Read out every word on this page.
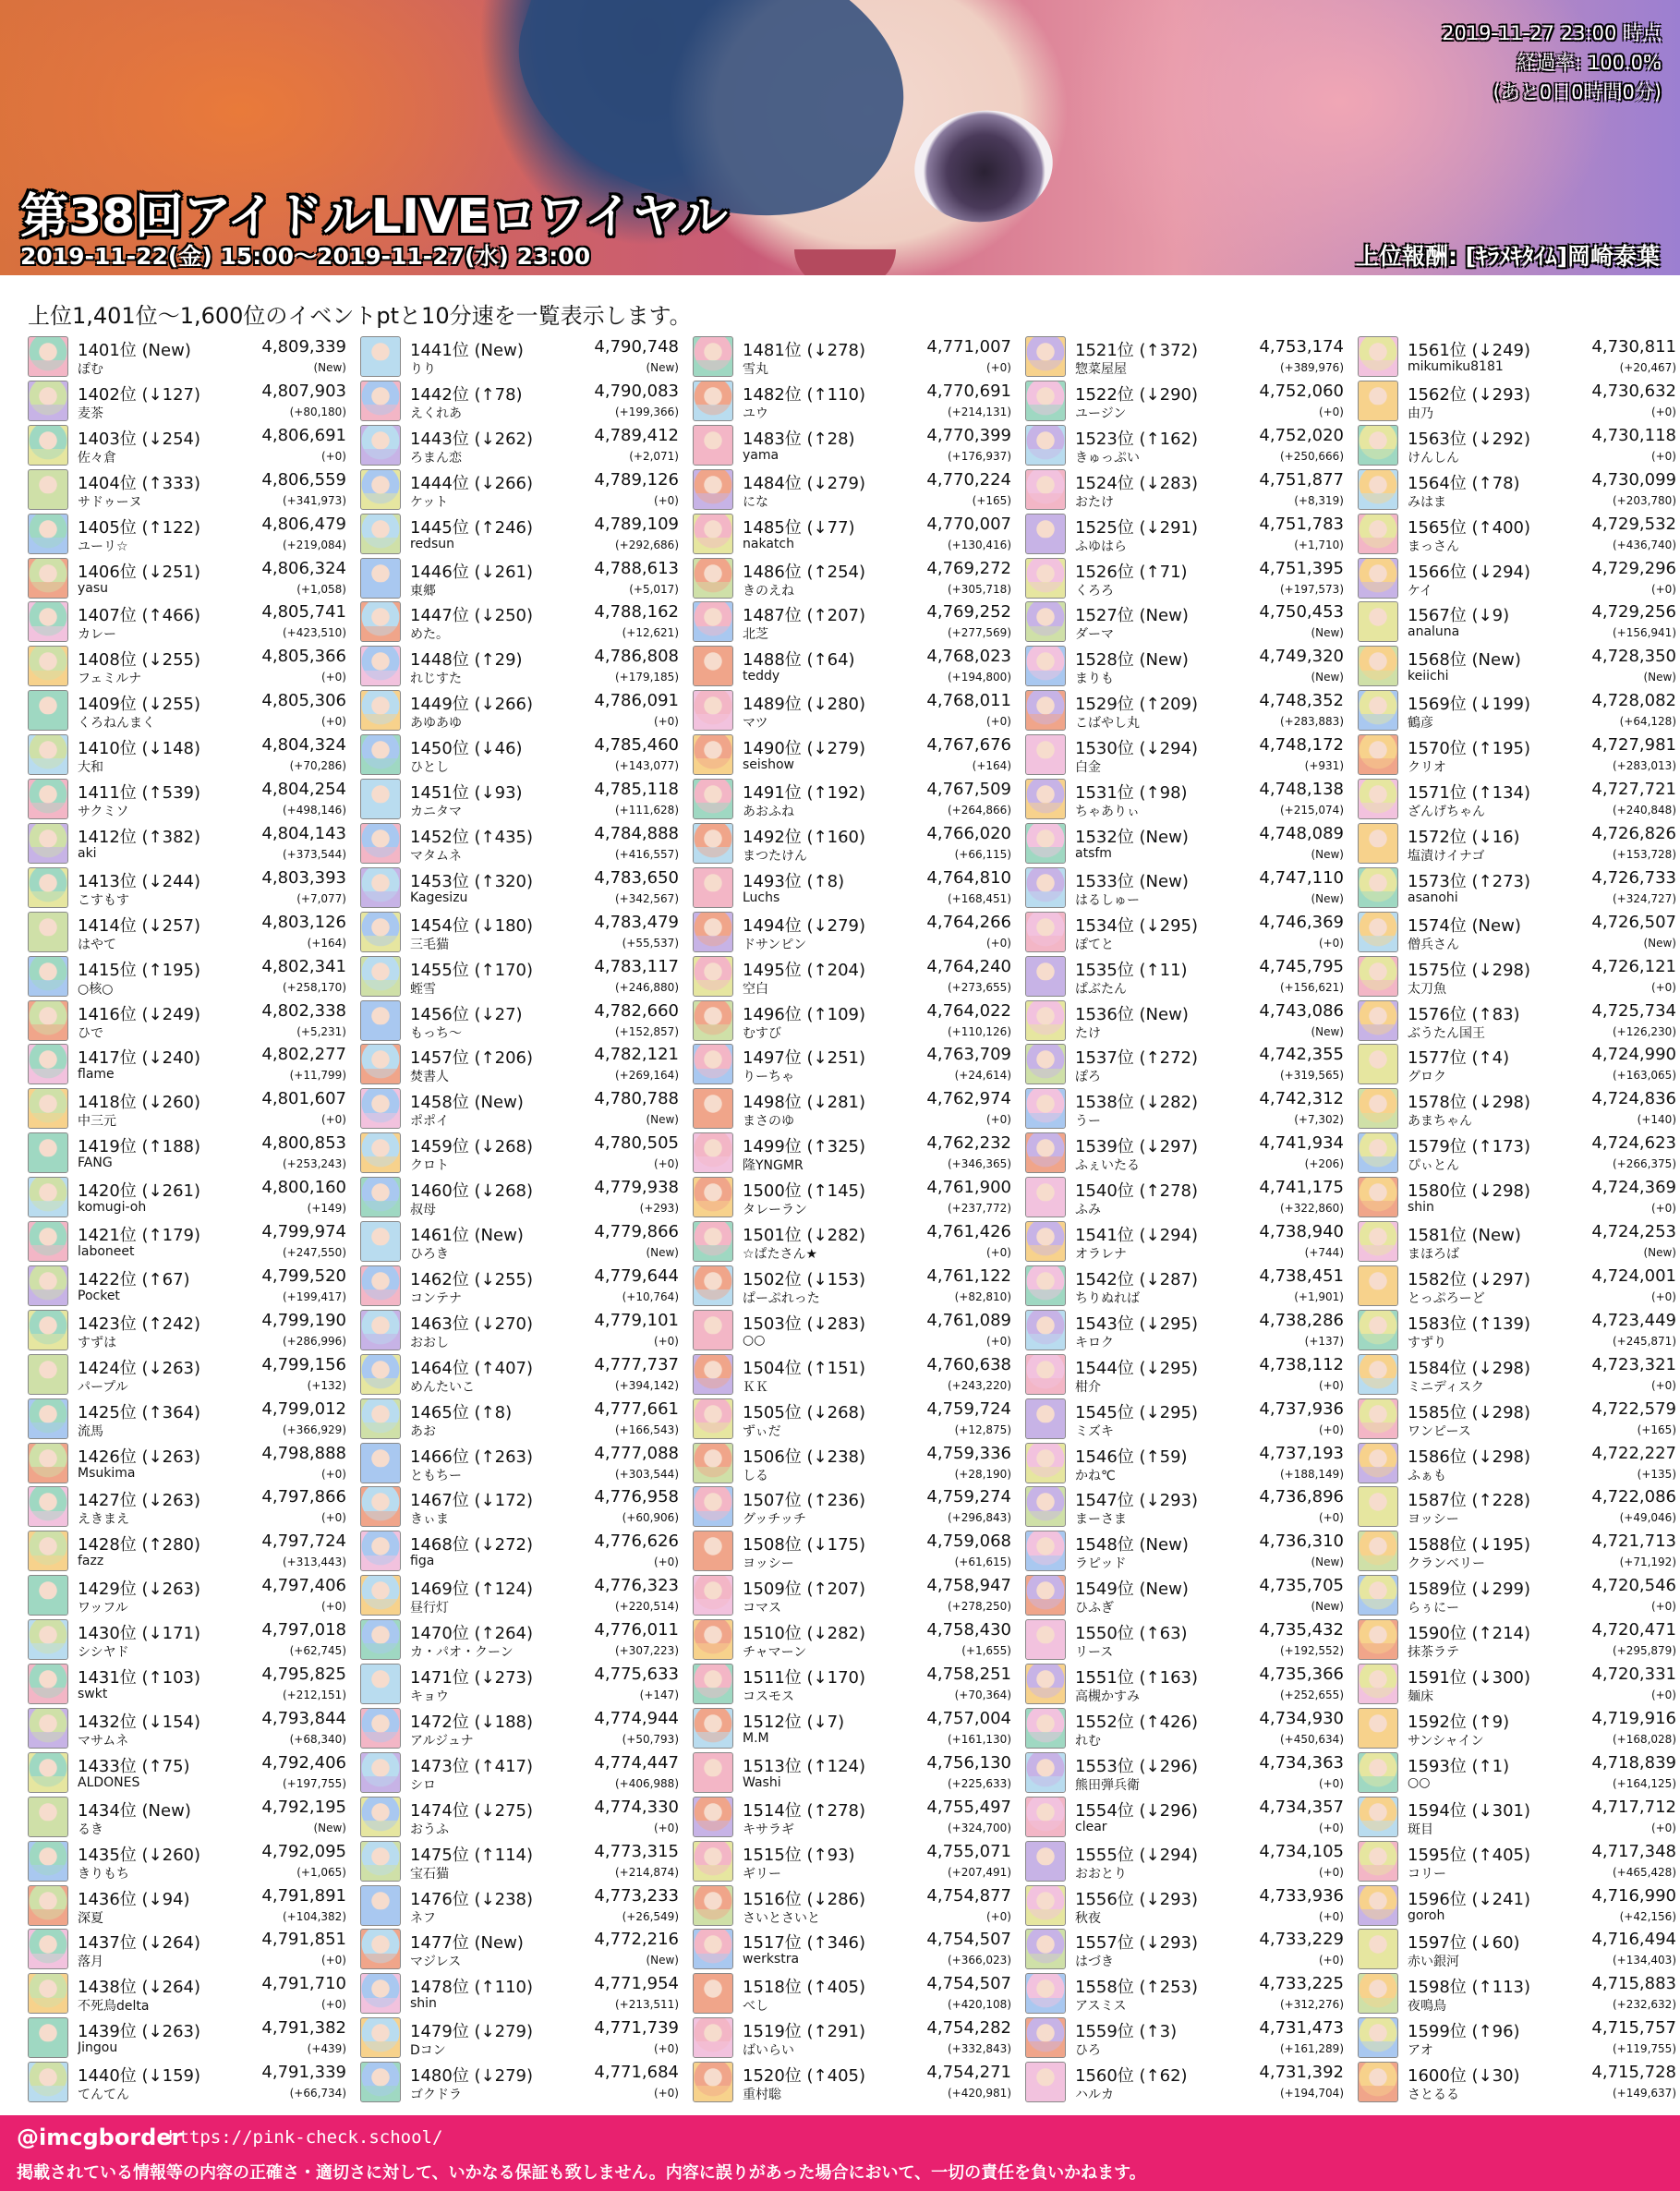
第38回アイドルLIVEロワイヤル
2019-11-22(金) 15:00～2019-11-27(水) 23:00	上位報酬: [ｷﾗﾒｷﾀｲﾑ]岡崎泰葉
2019-11-27 23:00 時点
経過率: 100.0%
(あと0日0時間0分)
上位1,401位～1,600位のイベントptと10分速を一覧表示します。
1401位 (New)	4,809,339
ぽむ	(New)
1402位 (↓127)	4,807,903
麦茶	(+80,180)
1403位 (↓254)	4,806,691
佐々倉	(+0)
1404位 (↑333)	4,806,559
サドゥーヌ	(+341,973)
1405位 (↑122)	4,806,479
ユーリ☆	(+219,084)
1406位 (↓251)	4,806,324
yasu	(+1,058)
1407位 (↑466)	4,805,741
カレー	(+423,510)
1408位 (↓255)	4,805,366
フェミルナ	(+0)
1409位 (↓255)	4,805,306
くろねんまく	(+0)
1410位 (↓148)	4,804,324
大和	(+70,286)
1411位 (↑539)	4,804,254
サクミソ	(+498,146)
1412位 (↑382)	4,804,143
aki	(+373,544)
1413位 (↓244)	4,803,393
こすもす	(+7,077)
1414位 (↓257)	4,803,126
はやて	(+164)
1415位 (↑195)	4,802,341
○核○	(+258,170)
1416位 (↓249)	4,802,338
ひで	(+5,231)
1417位 (↓240)	4,802,277
flame	(+11,799)
1418位 (↓260)	4,801,607
中三元	(+0)
1419位 (↑188)	4,800,853
FANG	(+253,243)
1420位 (↓261)	4,800,160
komugi-oh	(+149)
1421位 (↑179)	4,799,974
laboneet	(+247,550)
1422位 (↑67)	4,799,520
Pocket	(+199,417)
1423位 (↑242)	4,799,190
すずは	(+286,996)
1424位 (↓263)	4,799,156
パープル	(+132)
1425位 (↑364)	4,799,012
流馬	(+366,929)
1426位 (↓263)	4,798,888
Msukima	(+0)
1427位 (↓263)	4,797,866
えきまえ	(+0)
1428位 (↑280)	4,797,724
fazz	(+313,443)
1429位 (↓263)	4,797,406
ワッフル	(+0)
1430位 (↓171)	4,797,018
シシヤド	(+62,745)
1431位 (↑103)	4,795,825
swkt	(+212,151)
1432位 (↓154)	4,793,844
マサムネ	(+68,340)
1433位 (↑75)	4,792,406
ALDONES	(+197,755)
1434位 (New)	4,792,195
るき	(New)
1435位 (↓260)	4,792,095
きりもち	(+1,065)
1436位 (↓94)	4,791,891
深夏	(+104,382)
1437位 (↓264)	4,791,851
落月	(+0)
1438位 (↓264)	4,791,710
不死鳥delta	(+0)
1439位 (↓263)	4,791,382
Jingou	(+439)
1440位 (↓159)	4,791,339
てんてん	(+66,734)
1441位 (New)	4,790,748
りり	(New)
1442位 (↑78)	4,790,083
えくれあ	(+199,366)
1443位 (↓262)	4,789,412
ろまん恋	(+2,071)
1444位 (↓266)	4,789,126
ケット	(+0)
1445位 (↑246)	4,789,109
redsun	(+292,686)
1446位 (↓261)	4,788,613
東郷	(+5,017)
1447位 (↓250)	4,788,162
めた。	(+12,621)
1448位 (↑29)	4,786,808
れじすた	(+179,185)
1449位 (↓266)	4,786,091
あゆあゆ	(+0)
1450位 (↓46)	4,785,460
ひとし	(+143,077)
1451位 (↓93)	4,785,118
カニタマ	(+111,628)
1452位 (↑435)	4,784,888
マタムネ	(+416,557)
1453位 (↑320)	4,783,650
Kagesizu	(+342,567)
1454位 (↓180)	4,783,479
三毛猫	(+55,537)
1455位 (↑170)	4,783,117
蛭雪	(+246,880)
1456位 (↓27)	4,782,660
もっち～	(+152,857)
1457位 (↑206)	4,782,121
焚書人	(+269,164)
1458位 (New)	4,780,788
ポポイ	(New)
1459位 (↓268)	4,780,505
クロト	(+0)
1460位 (↓268)	4,779,938
叔母	(+293)
1461位 (New)	4,779,866
ひろき	(New)
1462位 (↓255)	4,779,644
コンテナ	(+10,764)
1463位 (↓270)	4,779,101
おおし	(+0)
1464位 (↑407)	4,777,737
めんたいこ	(+394,142)
1465位 (↑8)	4,777,661
あお	(+166,543)
1466位 (↑263)	4,777,088
ともちー	(+303,544)
1467位 (↓172)	4,776,958
きぃま	(+60,906)
1468位 (↓272)	4,776,626
figa	(+0)
1469位 (↑124)	4,776,323
昼行灯	(+220,514)
1470位 (↑264)	4,776,011
カ・パオ・クーン	(+307,223)
1471位 (↓273)	4,775,633
キョウ	(+147)
1472位 (↓188)	4,774,944
アルジュナ	(+50,793)
1473位 (↑417)	4,774,447
シロ	(+406,988)
1474位 (↓275)	4,774,330
おうふ	(+0)
1475位 (↑114)	4,773,315
宝石猫	(+214,874)
1476位 (↓238)	4,773,233
ネフ	(+26,549)
1477位 (New)	4,772,216
マジレス	(New)
1478位 (↑110)	4,771,954
shin	(+213,511)
1479位 (↓279)	4,771,739
Dコン	(+0)
1480位 (↓279)	4,771,684
ゴクドラ	(+0)
1481位 (↓278)	4,771,007
雪丸	(+0)
1482位 (↑110)	4,770,691
ユウ	(+214,131)
1483位 (↑28)	4,770,399
yama	(+176,937)
1484位 (↓279)	4,770,224
にな	(+165)
1485位 (↓77)	4,770,007
nakatch	(+130,416)
1486位 (↑254)	4,769,272
きのえね	(+305,718)
1487位 (↑207)	4,769,252
北芝	(+277,569)
1488位 (↑64)	4,768,023
teddy	(+194,800)
1489位 (↓280)	4,768,011
マツ	(+0)
1490位 (↓279)	4,767,676
seishow	(+164)
1491位 (↑192)	4,767,509
あおふね	(+264,866)
1492位 (↑160)	4,766,020
まつたけん	(+66,115)
1493位 (↑8)	4,764,810
Luchs	(+168,451)
1494位 (↓279)	4,764,266
ドサンピン	(+0)
1495位 (↑204)	4,764,240
空白	(+273,655)
1496位 (↑109)	4,764,022
むすび	(+110,126)
1497位 (↓251)	4,763,709
りーちゃ	(+24,614)
1498位 (↓281)	4,762,974
まさのゆ	(+0)
1499位 (↑325)	4,762,232
隆YNGMR	(+346,365)
1500位 (↑145)	4,761,900
タレーラン	(+237,772)
1501位 (↓282)	4,761,426
☆ぱたさん★	(+0)
1502位 (↓153)	4,761,122
ぱーぷれった	(+82,810)
1503位 (↓283)	4,761,089
○○	(+0)
1504位 (↑151)	4,760,638
ＫＫ	(+243,220)
1505位 (↓268)	4,759,724
ずぃだ	(+12,875)
1506位 (↓238)	4,759,336
しる	(+28,190)
1507位 (↑236)	4,759,274
グッチッチ	(+296,843)
1508位 (↓175)	4,759,068
ヨッシー	(+61,615)
1509位 (↑207)	4,758,947
コマス	(+278,250)
1510位 (↓282)	4,758,430
チャマーン	(+1,655)
1511位 (↓170)	4,758,251
コスモス	(+70,364)
1512位 (↓7)	4,757,004
M.M	(+161,130)
1513位 (↑124)	4,756,130
Washi	(+225,633)
1514位 (↑278)	4,755,497
キサラギ	(+324,700)
1515位 (↑93)	4,755,071
ギリー	(+207,491)
1516位 (↓286)	4,754,877
さいとさいと	(+0)
1517位 (↑346)	4,754,507
werkstra	(+366,023)
1518位 (↑405)	4,754,507
べし	(+420,108)
1519位 (↑291)	4,754,282
ばいらい	(+332,843)
1520位 (↑405)	4,754,271
重村聡	(+420,981)
1521位 (↑372)	4,753,174
惣菜屋屋	(+389,976)
1522位 (↓290)	4,752,060
ユージン	(+0)
1523位 (↑162)	4,752,020
きゅっぷい	(+250,666)
1524位 (↓283)	4,751,877
おたけ	(+8,319)
1525位 (↓291)	4,751,783
ふゆはら	(+1,710)
1526位 (↑71)	4,751,395
くろろ	(+197,573)
1527位 (New)	4,750,453
ダーマ	(New)
1528位 (New)	4,749,320
まりも	(New)
1529位 (↑209)	4,748,352
こばやし丸	(+283,883)
1530位 (↓294)	4,748,172
白金	(+931)
1531位 (↑98)	4,748,138
ちゃありぃ	(+215,074)
1532位 (New)	4,748,089
atsfm	(New)
1533位 (New)	4,747,110
はるしゅー	(New)
1534位 (↓295)	4,746,369
ぽてと	(+0)
1535位 (↑11)	4,745,795
ぱぶたん	(+156,621)
1536位 (New)	4,743,086
たけ	(New)
1537位 (↑272)	4,742,355
ぽろ	(+319,565)
1538位 (↓282)	4,742,312
うー	(+7,302)
1539位 (↓297)	4,741,934
ふぇいたる	(+206)
1540位 (↑278)	4,741,175
ふみ	(+322,860)
1541位 (↓294)	4,738,940
オラレナ	(+744)
1542位 (↓287)	4,738,451
ちりぬれば	(+1,901)
1543位 (↓295)	4,738,286
キロク	(+137)
1544位 (↓295)	4,738,112
柑介	(+0)
1545位 (↓295)	4,737,936
ミズキ	(+0)
1546位 (↑59)	4,737,193
かね℃	(+188,149)
1547位 (↓293)	4,736,896
まーさま	(+0)
1548位 (New)	4,736,310
ラピッド	(New)
1549位 (New)	4,735,705
ひふぎ	(New)
1550位 (↑63)	4,735,432
リース	(+192,552)
1551位 (↑163)	4,735,366
高槻かすみ	(+252,655)
1552位 (↑426)	4,734,930
れむ	(+450,634)
1553位 (↓296)	4,734,363
熊田弾兵衛	(+0)
1554位 (↓296)	4,734,357
clear	(+0)
1555位 (↓294)	4,734,105
おおとり	(+0)
1556位 (↓293)	4,733,936
秋夜	(+0)
1557位 (↓293)	4,733,229
はづき	(+0)
1558位 (↑253)	4,733,225
アスミス	(+312,276)
1559位 (↑3)	4,731,473
ひろ	(+161,289)
1560位 (↑62)	4,731,392
ハルカ	(+194,704)
1561位 (↓249)	4,730,811
mikumiku8181	(+20,467)
1562位 (↓293)	4,730,632
由乃	(+0)
1563位 (↓292)	4,730,118
けんしん	(+0)
1564位 (↑78)	4,730,099
みはま	(+203,780)
1565位 (↑400)	4,729,532
まっさん	(+436,740)
1566位 (↓294)	4,729,296
ケイ	(+0)
1567位 (↓9)	4,729,256
analuna	(+156,941)
1568位 (New)	4,728,350
keiichi	(New)
1569位 (↓199)	4,728,082
鶴彦	(+64,128)
1570位 (↑195)	4,727,981
クリオ	(+283,013)
1571位 (↑134)	4,727,721
ざんげちゃん	(+240,848)
1572位 (↓16)	4,726,826
塩漬けイナゴ	(+153,728)
1573位 (↑273)	4,726,733
asanohi	(+324,727)
1574位 (New)	4,726,507
僧兵さん	(New)
1575位 (↓298)	4,726,121
太刀魚	(+0)
1576位 (↑83)	4,725,734
ぶうたん国王	(+126,230)
1577位 (↑4)	4,724,990
グロク	(+163,065)
1578位 (↓298)	4,724,836
あまちゃん	(+140)
1579位 (↑173)	4,724,623
ぴぃとん	(+266,375)
1580位 (↓298)	4,724,369
shin	(+0)
1581位 (New)	4,724,253
まほろば	(New)
1582位 (↓297)	4,724,001
とっぷろーど	(+0)
1583位 (↑139)	4,723,449
すずり	(+245,871)
1584位 (↓298)	4,723,321
ミニディスク	(+0)
1585位 (↓298)	4,722,579
ワンピース	(+165)
1586位 (↓298)	4,722,227
ふぁも	(+135)
1587位 (↑228)	4,722,086
ヨッシー	(+49,046)
1588位 (↓195)	4,721,713
クランベリー	(+71,192)
1589位 (↓299)	4,720,546
らぅにー	(+0)
1590位 (↑214)	4,720,471
抹茶ラテ	(+295,879)
1591位 (↓300)	4,720,331
麺床	(+0)
1592位 (↑9)	4,719,916
サンシャイン	(+168,028)
1593位 (↑1)	4,718,839
○○	(+164,125)
1594位 (↓301)	4,717,712
斑目	(+0)
1595位 (↑405)	4,717,348
コリー	(+465,428)
1596位 (↓241)	4,716,990
goroh	(+42,156)
1597位 (↓60)	4,716,494
赤い銀河	(+134,403)
1598位 (↑113)	4,715,883
夜鳴鳥	(+232,632)
1599位 (↑96)	4,715,757
アオ	(+119,755)
1600位 (↓30)	4,715,728
さとるる	(+149,637)
@imcgborder
https://pink-check.school/
掲載されている情報等の内容の正確さ・適切さに対して、いかなる保証も致しません。内容に誤りがあった場合において、一切の責任を負いかねます。
